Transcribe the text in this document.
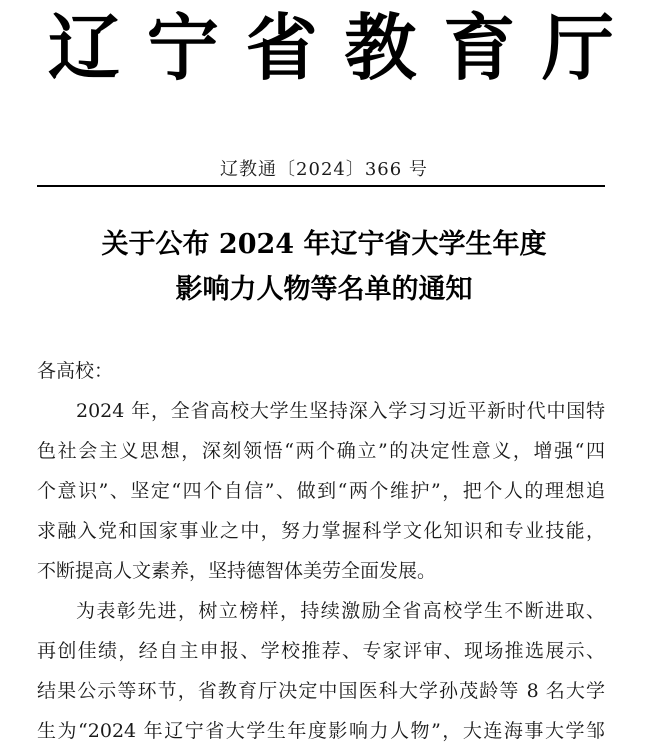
辽 宁 省 教 育 厅
辽教通〔2024〕366 号
关于公布 2024 年辽宁省大学生年度
影响力人物等名单的通知
各高校：
2024 年，全省高校大学生坚持深入学习习近平新时代中国特
色社会主义思想，深刻领悟“两个确立”的决定性意义，增强“四
个意识”、坚定“四个自信”、做到“两个维护”，把个人的理想追
求融入党和国家事业之中，努力掌握科学文化知识和专业技能，
不断提高人文素养，坚持德智体美劳全面发展。
为表彰先进，树立榜样，持续激励全省高校学生不断进取、
再创佳绩，经自主申报、学校推荐、专家评审、现场推选展示、
结果公示等环节，省教育厅决定中国医科大学孙茂龄等 8 名大学
生为“2024 年辽宁省大学生年度影响力人物”，大连海事大学邹
